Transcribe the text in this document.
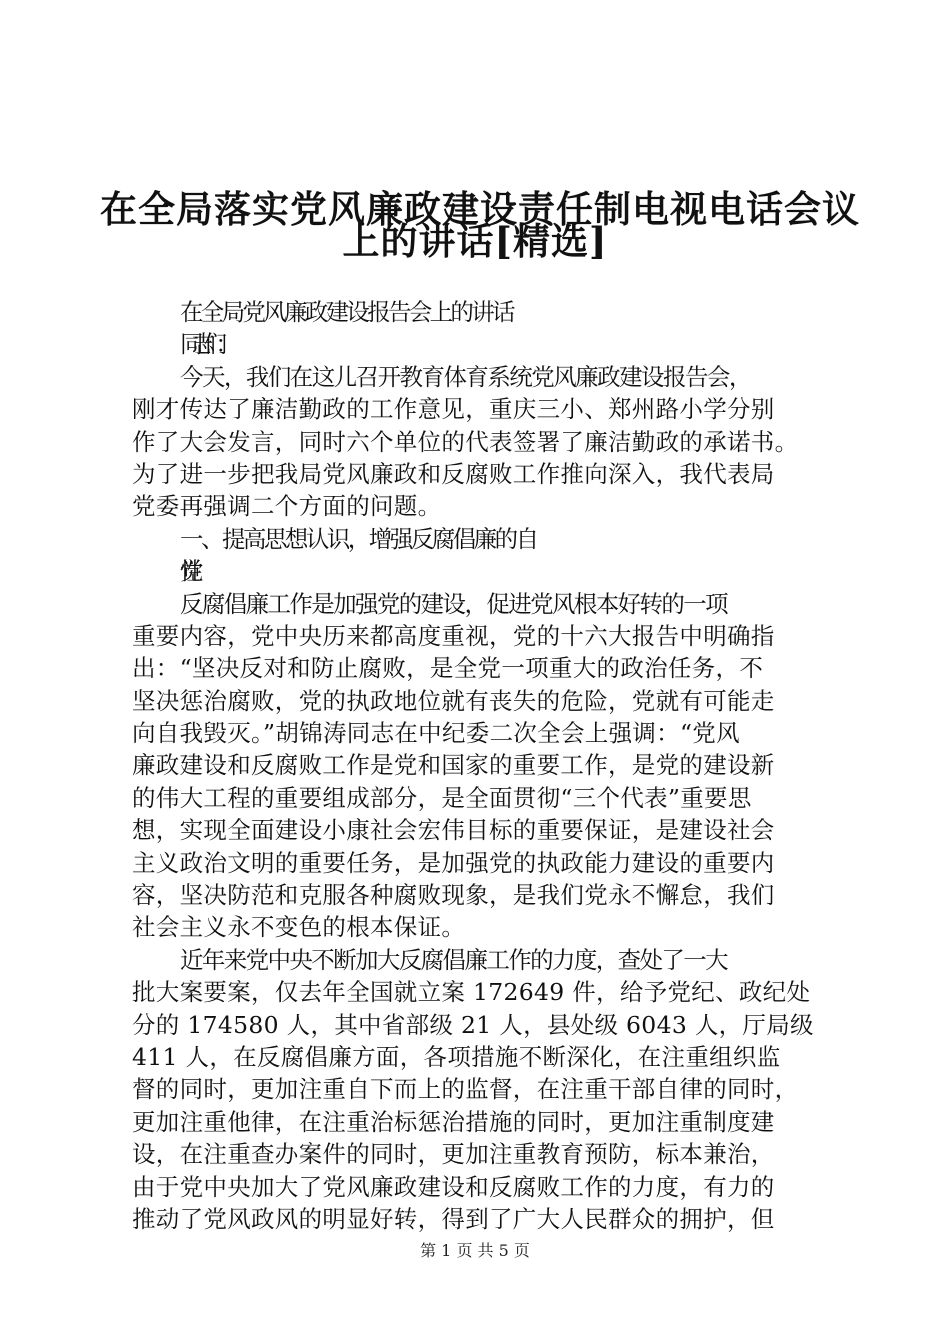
在全局落实党风廉政建设责任制电视电话会议
上的讲话[精选]
在全局党风廉政建设报告会上的讲话
同志们：
今天，我们在这儿召开教育体育系统党风廉政建设报告会，
刚才传达了廉洁勤政的工作意见，重庆三小、郑州路小学分别
作了大会发言，同时六个单位的代表签署了廉洁勤政的承诺书。
为了进一步把我局党风廉政和反腐败工作推向深入，我代表局
党委再强调二个方面的问题。
一、提高思想认识，增强反腐倡廉的自
反腐倡廉工作是加强党的建设，促进党风根本好转的一项
重要内容，党中央历来都高度重视，党的十六大报告中明确指
出：“坚决反对和防止腐败，是全党一项重大的政治任务，不
坚决惩治腐败，党的执政地位就有丧失的危险，党就有可能走
向自我毁灭。”胡锦涛同志在中纪委二次全会上强调：“党风
廉政建设和反腐败工作是党和国家的重要工作，是党的建设新
的伟大工程的重要组成部分，是全面贯彻“三个代表”重要思
想，实现全面建设小康社会宏伟目标的重要保证，是建设社会
主义政治文明的重要任务，是加强党的执政能力建设的重要内
容，坚决防范和克服各种腐败现象，是我们党永不懈怠，我们
社会主义永不变色的根本保证。
近年来党中央不断加大反腐倡廉工作的力度，查处了一大
批大案要案，仅去年全国就立案 172649 件，给予党纪、政纪处
分的 174580 人，其中省部级 21 人，县处级 6043 人，厅局级
411 人，在反腐倡廉方面，各项措施不断深化，在注重组织监
督的同时，更加注重自下而上的监督，在注重干部自律的同时，
更加注重他律，在注重治标惩治措施的同时，更加注重制度建
设，在注重查办案件的同时，更加注重教育预防，标本兼治，
由于党中央加大了党风廉政建设和反腐败工作的力度，有力的
推动了党风政风的明显好转，得到了广大人民群众的拥护，但
第 1 页 共 5 页
